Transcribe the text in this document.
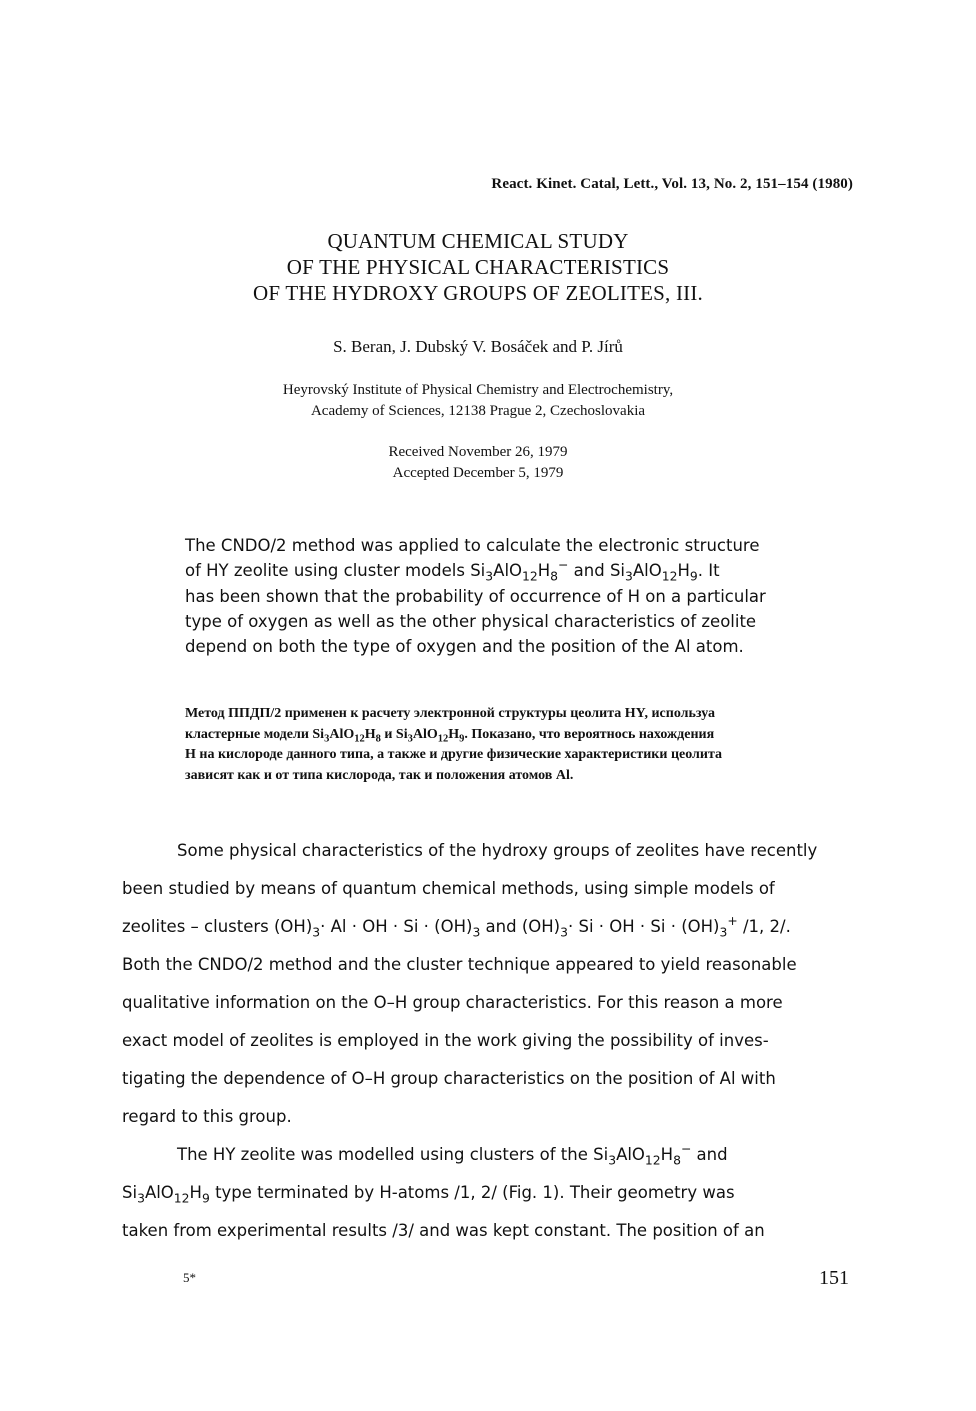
React. Kinet. Catal, Lett., Vol. 13, No. 2, 151–154 (1980)
QUANTUM CHEMICAL STUDY
OF THE PHYSICAL CHARACTERISTICS
OF THE HYDROXY GROUPS OF ZEOLITES, III.
S. Beran, J. Dubský V. Bosáček and P. Jírů
Heyrovský Institute of Physical Chemistry and Electrochemistry,
Academy of Sciences, 12138 Prague 2, Czechoslovakia
Received November 26, 1979
Accepted December 5, 1979
The CNDO/2 method was applied to calculate the electronic structure
of HY zeolite using cluster models $Si_3AlO_{12}H_8^-$ and $Si_3AlO_{12}H_9$. It
has been shown that the probability of occurrence of H on a particular
type of oxygen as well as the other physical characteristics of zeolite
depend on both the type of oxygen and the position of the Al atom.
Метод ППДП/2 применен к расчету электронной структуры цеолита HY, используа
кластерные модели $Si_3AlO_{12}H_8$ и $Si_3AlO_{12}H_9$. Показано, что вероятнось нахождения
H на кислороде данного типа, а также и другие физические характеристики цеолита
зависят как и от типа кислорода, так и положения атомов Al.
Some physical characteristics of the hydroxy groups of zeolites have recently
been studied by means of quantum chemical methods, using simple models of
zeolites – clusters $(OH)_3\cdot Al$ · OH · $Si \cdot (OH)_3$ and $(OH)_3\cdot Si$ · OH · $Si \cdot (OH)_3^+$ /1, 2/.
Both the CNDO/2 method and the cluster technique appeared to yield reasonable
qualitative information on the O–H group characteristics. For this reason a more
exact model of zeolites is employed in the work giving the possibility of inves-
tigating the dependence of O–H group characteristics on the position of Al with
regard to this group.
The HY zeolite was modelled using clusters of the $Si_3AlO_{12}H_8^-$ and
$Si_3AlO_{12}H_9$ type terminated by H-atoms /1, 2/ (Fig. 1). Their geometry was
taken from experimental results /3/ and was kept constant. The position of an
5*	151
